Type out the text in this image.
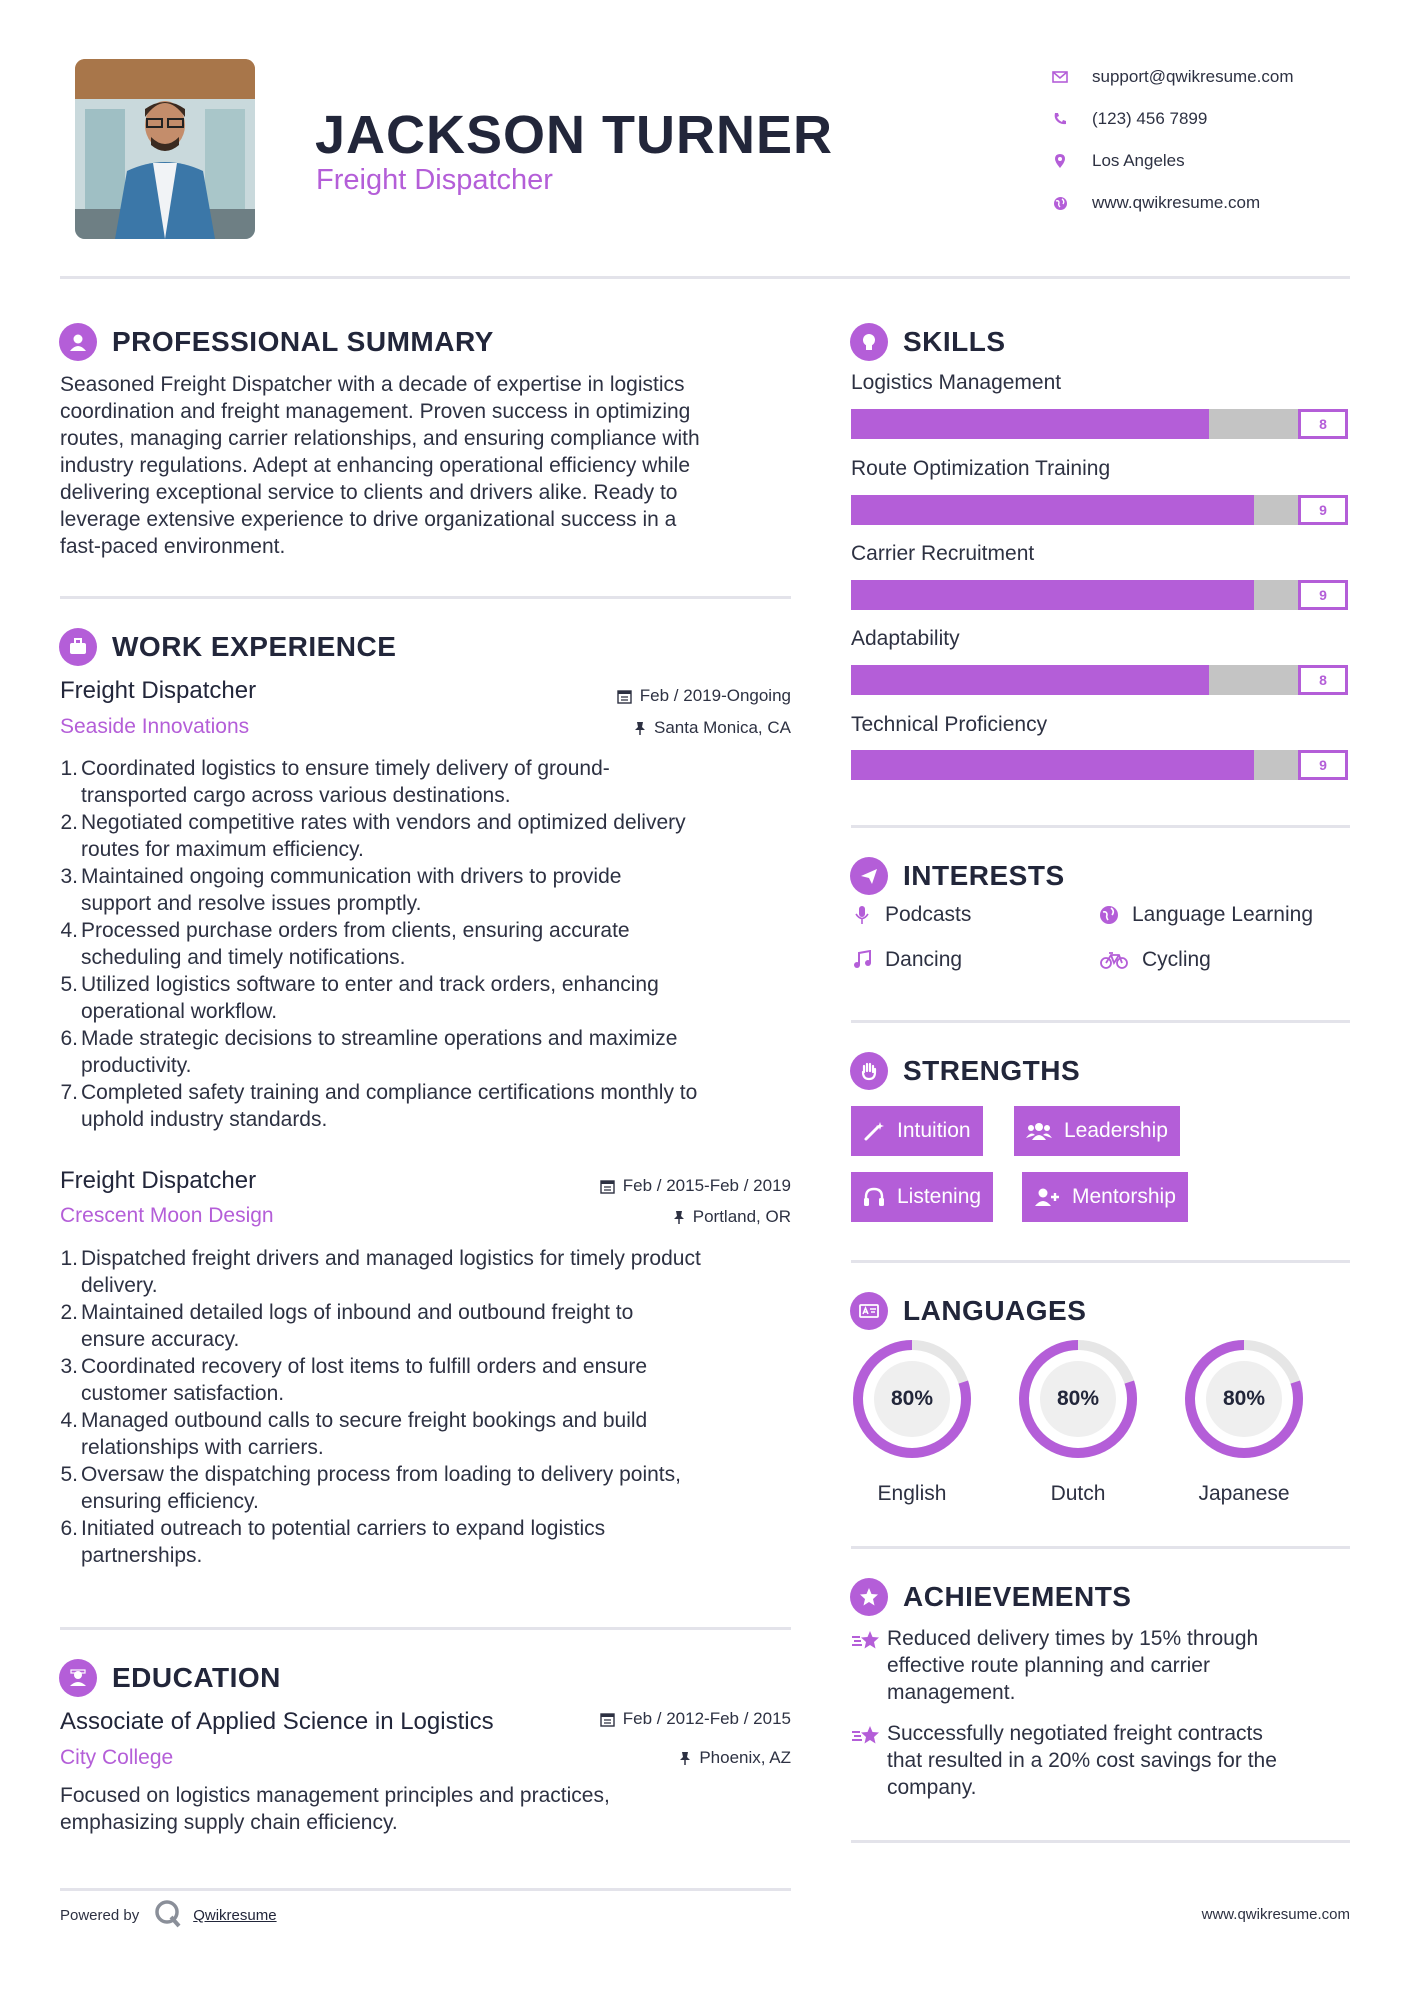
JACKSON TURNER
Freight Dispatcher
support@qwikresume.com
(123) 456 7899
Los Angeles
www.qwikresume.com
PROFESSIONAL SUMMARY
Seasoned Freight Dispatcher with a decade of expertise in logistics
coordination and freight management. Proven success in optimizing
routes, managing carrier relationships, and ensuring compliance with
industry regulations. Adept at enhancing operational efficiency while
delivering exceptional service to clients and drivers alike. Ready to
leverage extensive experience to drive organizational success in a
fast-paced environment.
WORK EXPERIENCE
Freight Dispatcher
Seaside Innovations
Feb / 2019-Ongoing
Santa Monica, CA
1. Coordinated logistics to ensure timely delivery of ground-
transported cargo across various destinations.
2. Negotiated competitive rates with vendors and optimized delivery
routes for maximum efficiency.
3. Maintained ongoing communication with drivers to provide
support and resolve issues promptly.
4. Processed purchase orders from clients, ensuring accurate
scheduling and timely notifications.
5. Utilized logistics software to enter and track orders, enhancing
operational workflow.
6. Made strategic decisions to streamline operations and maximize
productivity.
7. Completed safety training and compliance certifications monthly to
uphold industry standards.
Freight Dispatcher
Crescent Moon Design
Feb / 2015-Feb / 2019
Portland, OR
1. Dispatched freight drivers and managed logistics for timely product
delivery.
2. Maintained detailed logs of inbound and outbound freight to
ensure accuracy.
3. Coordinated recovery of lost items to fulfill orders and ensure
customer satisfaction.
4. Managed outbound calls to secure freight bookings and build
relationships with carriers.
5. Oversaw the dispatching process from loading to delivery points,
ensuring efficiency.
6. Initiated outreach to potential carriers to expand logistics
partnerships.
EDUCATION
Associate of Applied Science in Logistics
City College
Feb / 2012-Feb / 2015
Phoenix, AZ
Focused on logistics management principles and practices,
emphasizing supply chain efficiency.
SKILLS
Logistics Management
8
Route Optimization Training
9
Carrier Recruitment
9
Adaptability
8
Technical Proficiency
9
INTERESTS
Podcasts	Language Learning
Dancing	Cycling
STRENGTHS
Intuition	Leadership
Listening	Mentorship
LANGUAGES
80%
English
80%
Dutch
80%
Japanese
ACHIEVEMENTS
Reduced delivery times by 15% through
effective route planning and carrier
management.
Successfully negotiated freight contracts
that resulted in a 20% cost savings for the
company.
Powered by	Qwikresume	www.qwikresume.com
